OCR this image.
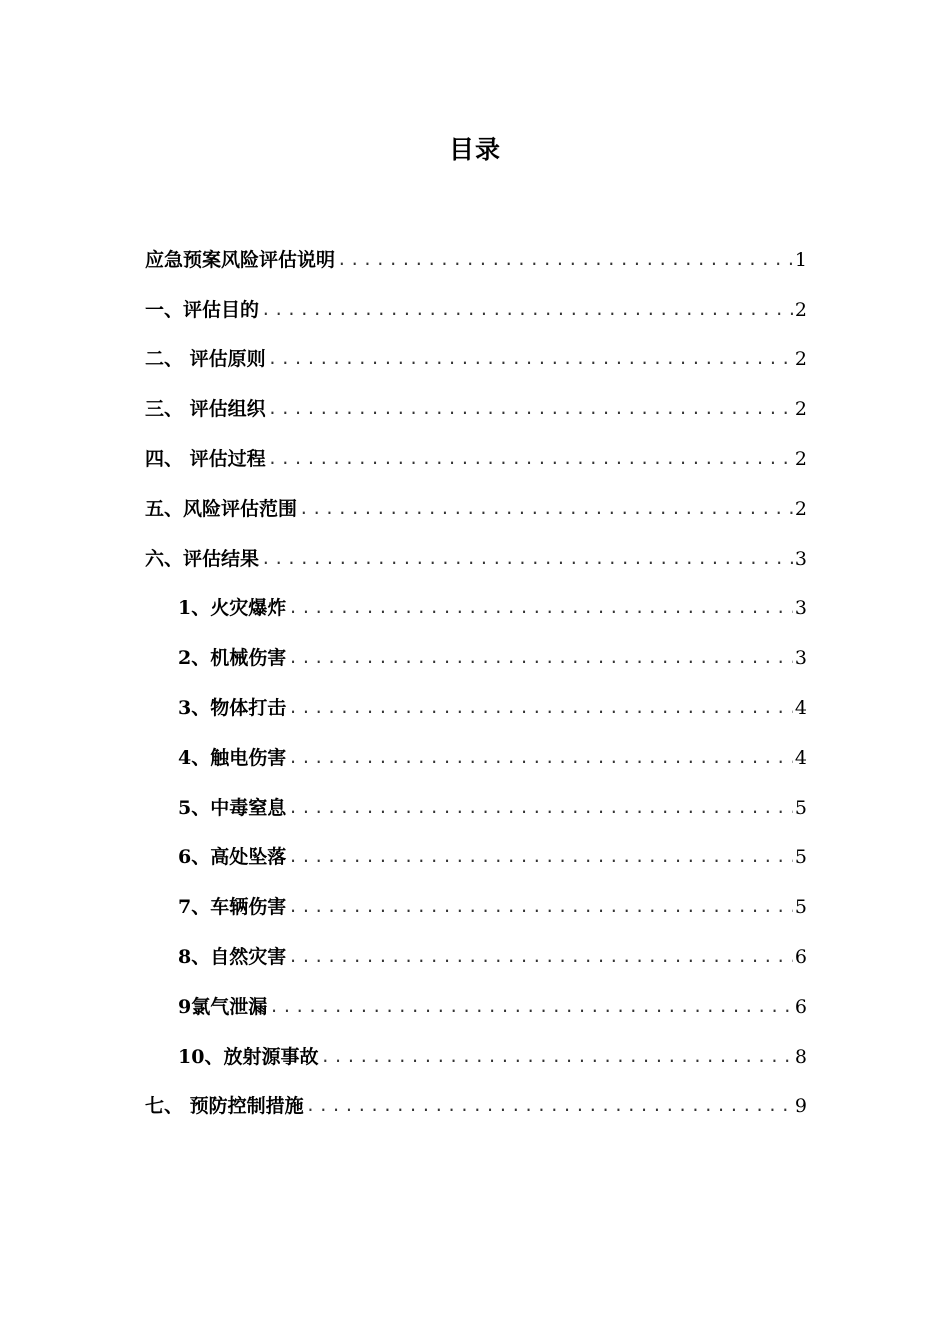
目录
应急预案风险评估说明 .....	1
一、评估目的 .....	2
二、 评估原则 .....	2
三、 评估组织 .....	2
四、 评估过程 .....	2
五、风险评估范围 .....	2
六、评估结果 .....	3
1、火灾爆炸 .....	3
2、机械伤害 .....	3
3、物体打击 .....	4
4、触电伤害 .....	4
5、中毒窒息 .....	5
6、高处坠落 .....	5
7、车辆伤害 .....	5
8、自然灾害 .....	6
9氯气泄漏 .....	6
10、放射源事故 .....	8
七、 预防控制措施 .....	9
